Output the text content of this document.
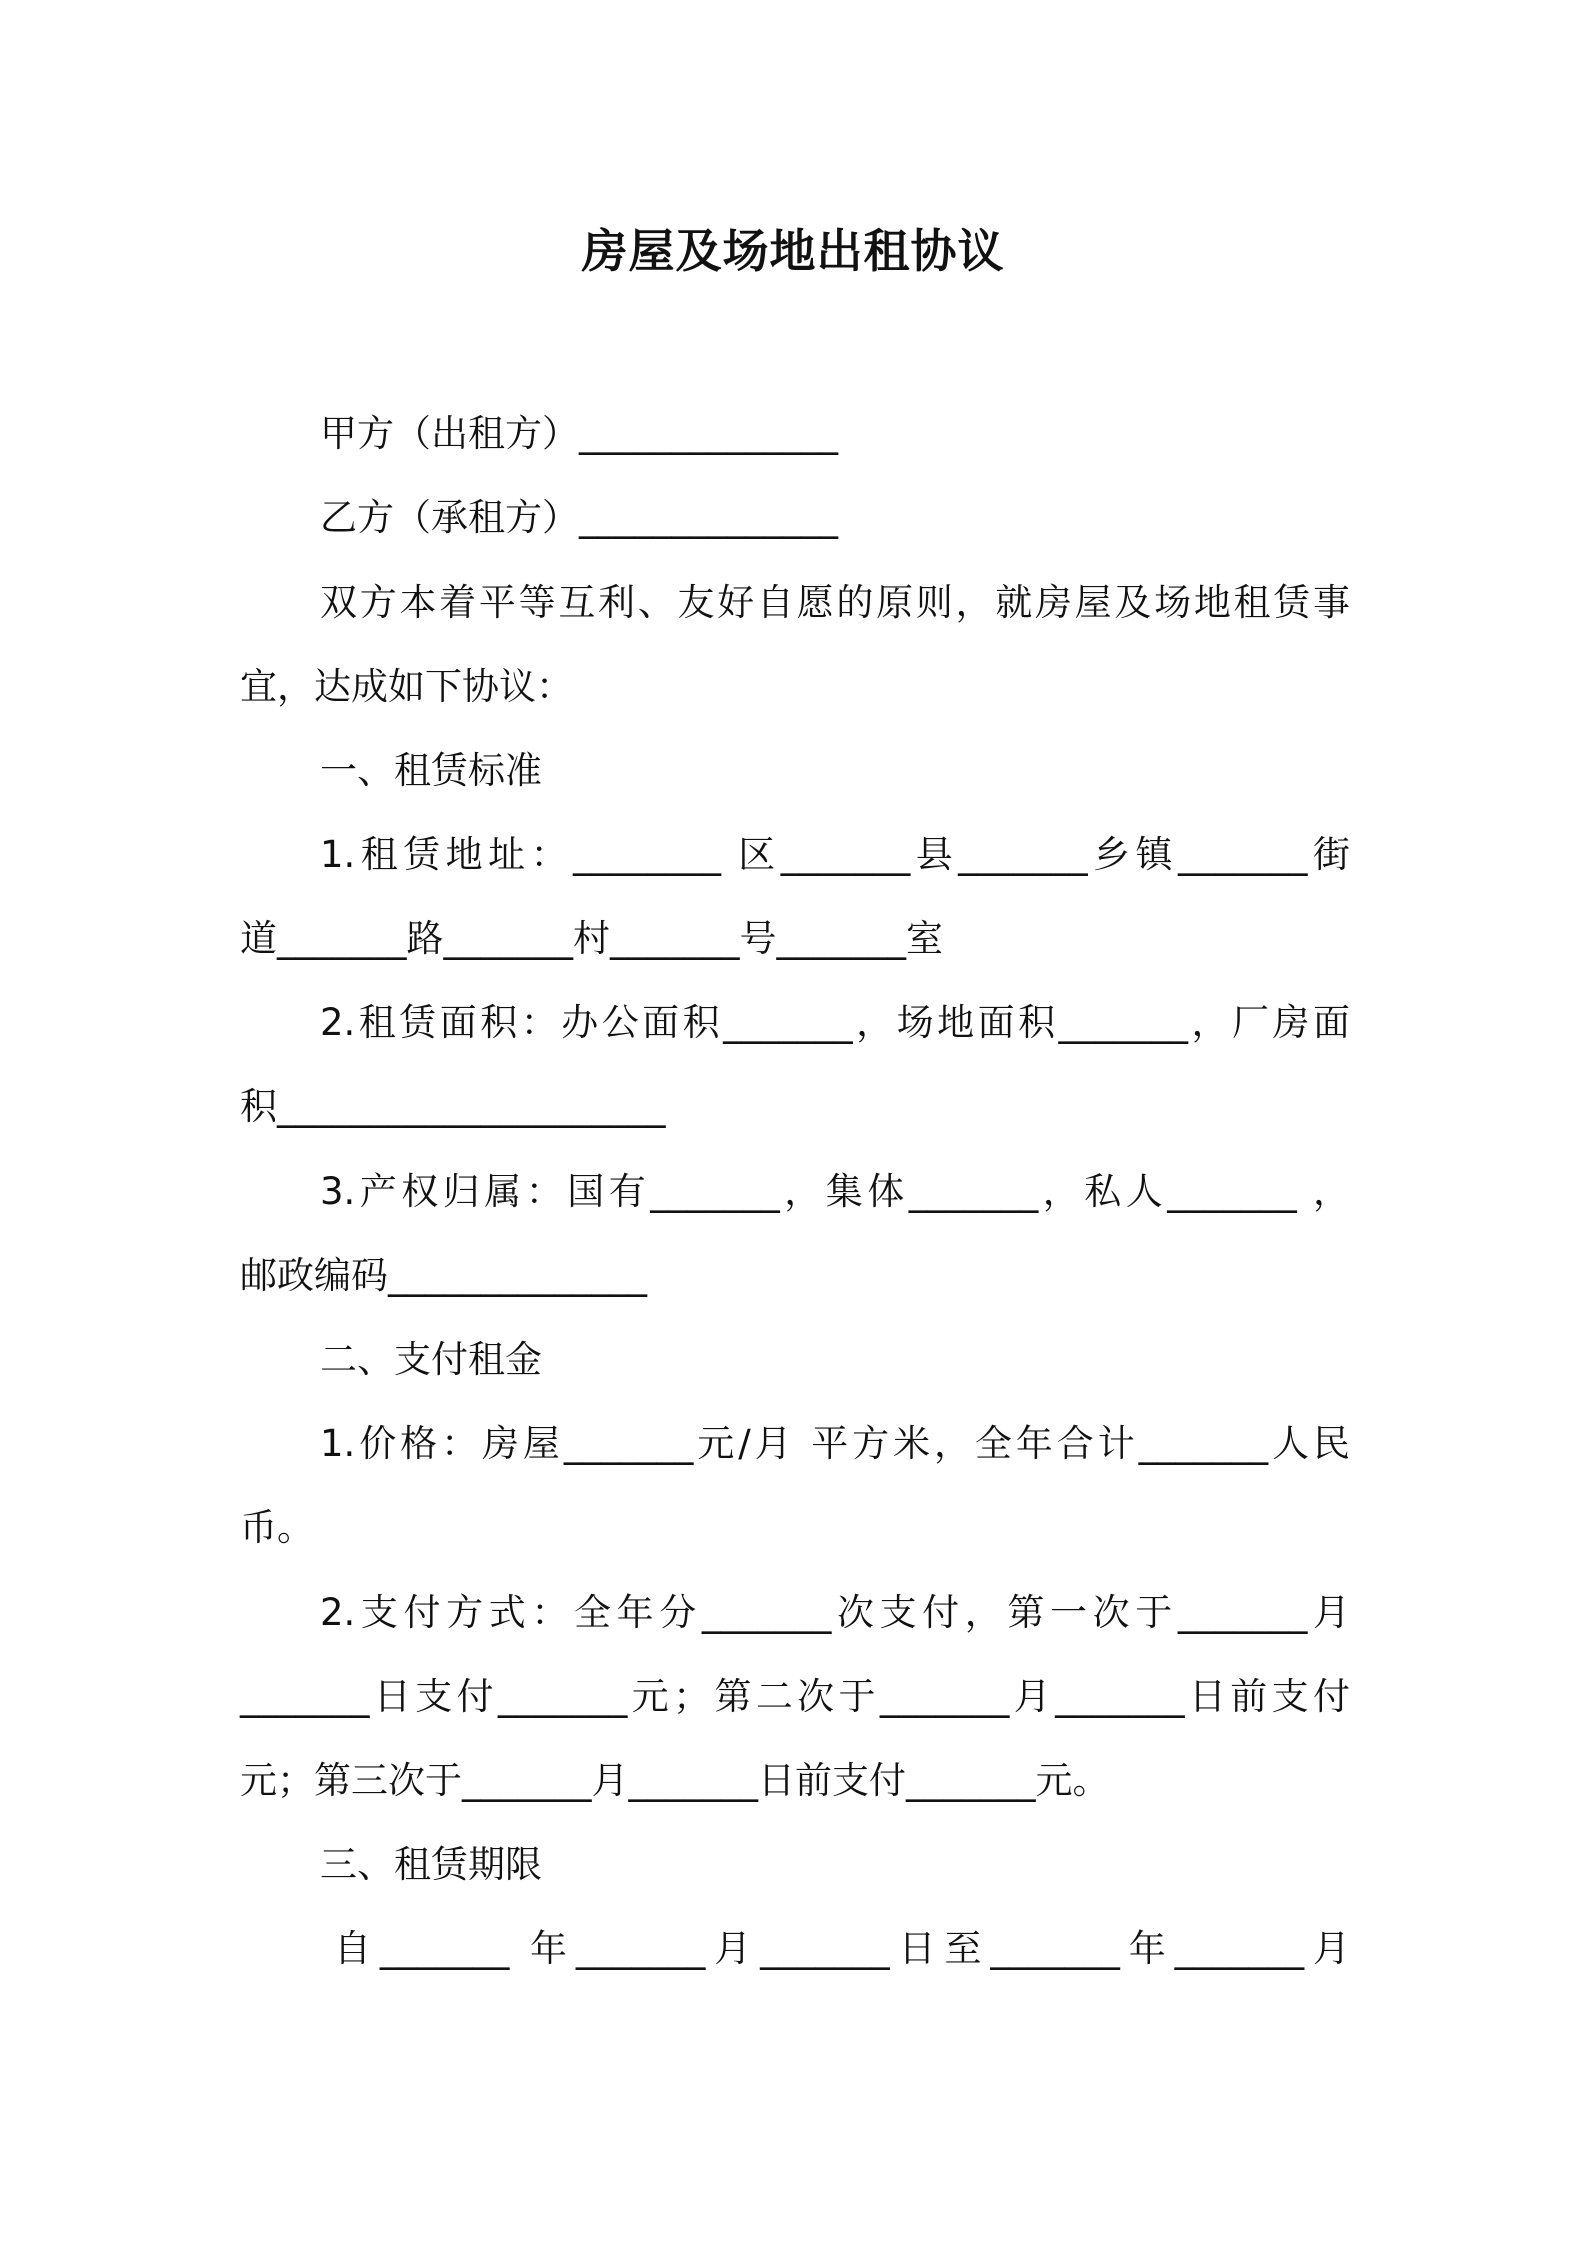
房屋及场地出租协议
甲方（出租方）______________
乙方（承租方）______________
双方本着平等互利、友好自愿的原则，就房屋及场地租赁事
宜，达成如下协议：
一、租赁标准
1.租赁地址：________ 区_______县_______乡镇_______街
道_______路_______村_______号_______室
2.租赁面积：办公面积_______，场地面积_______，厂房面
积_____________________
3.产权归属：国有_______，集体_______，私人_______ ，
邮政编码______________
二、支付租金
1.价格：房屋_______元/月 平方米，全年合计_______人民
币。
2.支付方式：全年分_______次支付，第一次于_______月
_______日支付_______元；第二次于_______月_______日前支付
元；第三次于_______月_______日前支付_______元。
三、租赁期限
自_______ 年_______月_______日至_______年_______月
